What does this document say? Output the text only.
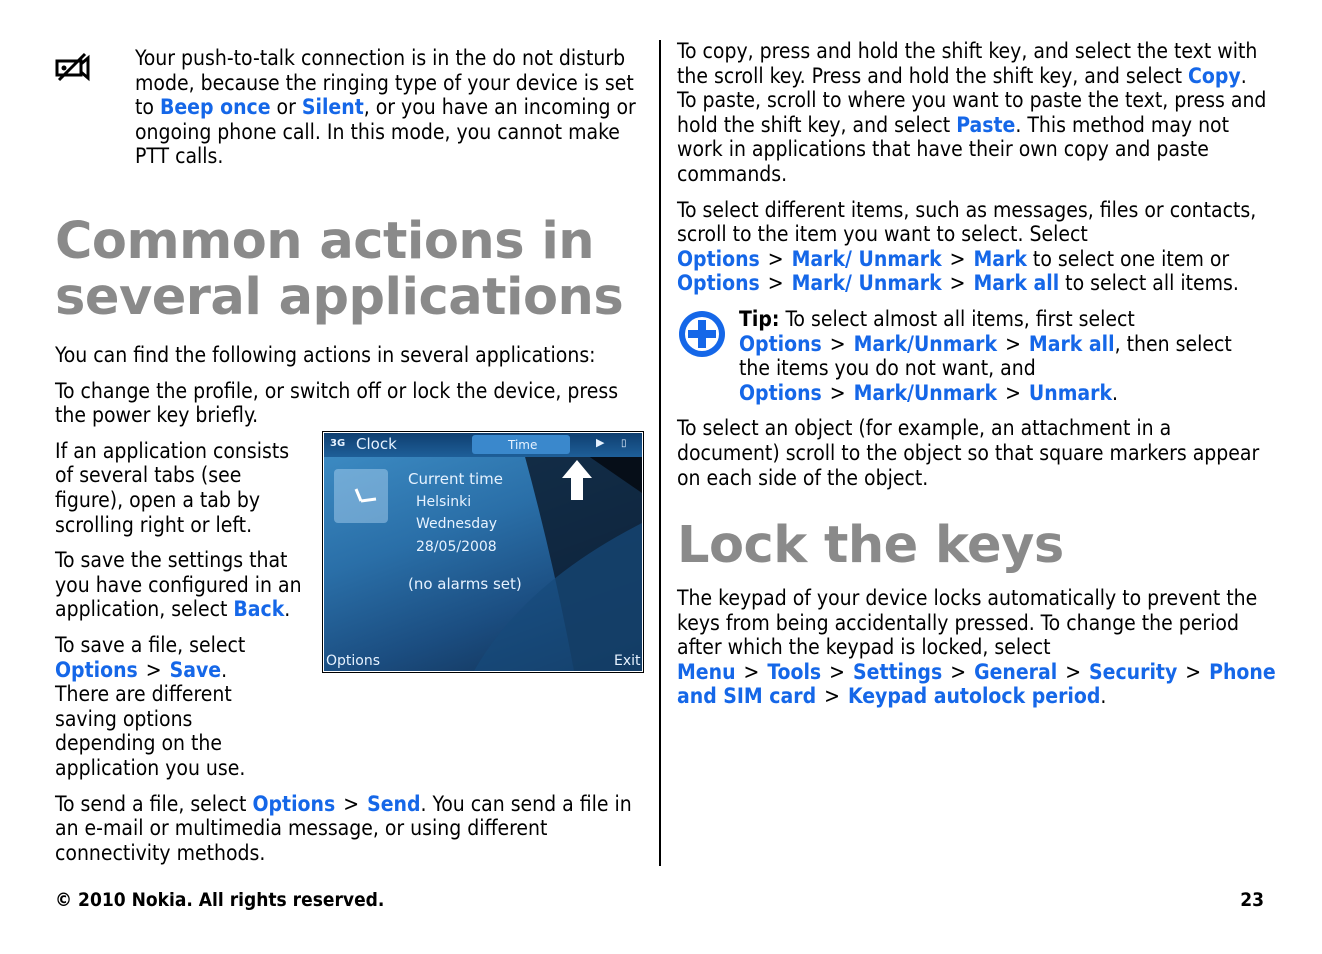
Your push-to-talk connection is in the do not disturb mode, because the ringing type of your device is set to Beep once or Silent, or you have an incoming or ongoing phone call. In this mode, you cannot make PTT calls.
Common actions in several applications

You can find the following actions in several applications:

To change the profile, or switch off or lock the device, press the power key briefly.

If an application consists of several tabs (see figure), open a tab by scrolling right or left.

To save the settings that you have configured in an application, select Back.

To save a file, select Options > Save. There are different saving options depending on the application you use.

To send a file, select Options > Send. You can send a file in an e-mail or multimedia message, or using different connectivity methods.

3G Clock	Time	▶ ▯
Current time
Helsinki
Wednesday
28/05/2008
(no alarms set)
Options	Exit

To copy, press and hold the shift key, and select the text with the scroll key. Press and hold the shift key, and select Copy. To paste, scroll to where you want to paste the text, press and hold the shift key, and select Paste. This method may not work in applications that have their own copy and paste commands.

To select different items, such as messages, files or contacts, scroll to the item you want to select. Select Options > Mark/ Unmark > Mark to select one item or Options > Mark/ Unmark > Mark all to select all items.

Tip: To select almost all items, first select Options > Mark/Unmark > Mark all, then select the items you do not want, and Options > Mark/Unmark > Unmark.

To select an object (for example, an attachment in a document) scroll to the object so that square markers appear on each side of the object.

Lock the keys

The keypad of your device locks automatically to prevent the keys from being accidentally pressed. To change the period after which the keypad is locked, select Menu > Tools > Settings > General > Security > Phone and SIM card > Keypad autolock period.

© 2010 Nokia. All rights reserved.	23
